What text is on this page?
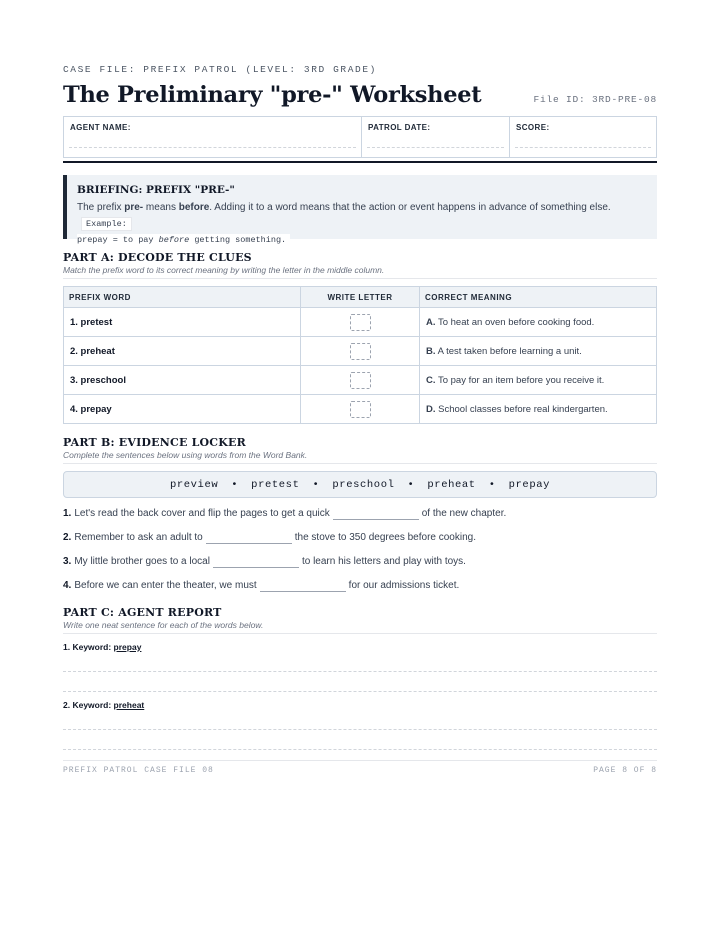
CASE FILE: PREFIX PATROL (LEVEL: 3RD GRADE)
The Preliminary "pre-" Worksheet	File ID: 3RD-PRE-08
AGENT NAME:	PATROL DATE:	SCORE:
BRIEFING: PREFIX "PRE-"
The prefix pre- means before. Adding it to a word means that the action or event happens in advance of something else.Example:
prepay = to pay before getting something.
PART A: DECODE THE CLUES
Match the prefix word to its correct meaning by writing the letter in the middle column.
PREFIX WORD	WRITE LETTER	CORRECT MEANING
1. pretest		A. To heat an oven before cooking food.
2. preheat		B. A test taken before learning a unit.
3. preschool		C. To pay for an item before you receive it.
4. prepay		D. School classes before real kindergarten.
PART B: EVIDENCE LOCKER
Complete the sentences below using words from the Word Bank.
preview • pretest • preschool • preheat • prepay
1. Let's read the back cover and flip the pages to get a quick	of the new chapter.
2. Remember to ask an adult to	the stove to 350 degrees before cooking.
3. My little brother goes to a local	to learn his letters and play with toys.
4. Before we can enter the theater, we must	for our admissions ticket.
PART C: AGENT REPORT
Write one neat sentence for each of the words below.
1. Keyword: prepay
2. Keyword: preheat
PREFIX PATROL CASE FILE 08	PAGE 8 OF 8
